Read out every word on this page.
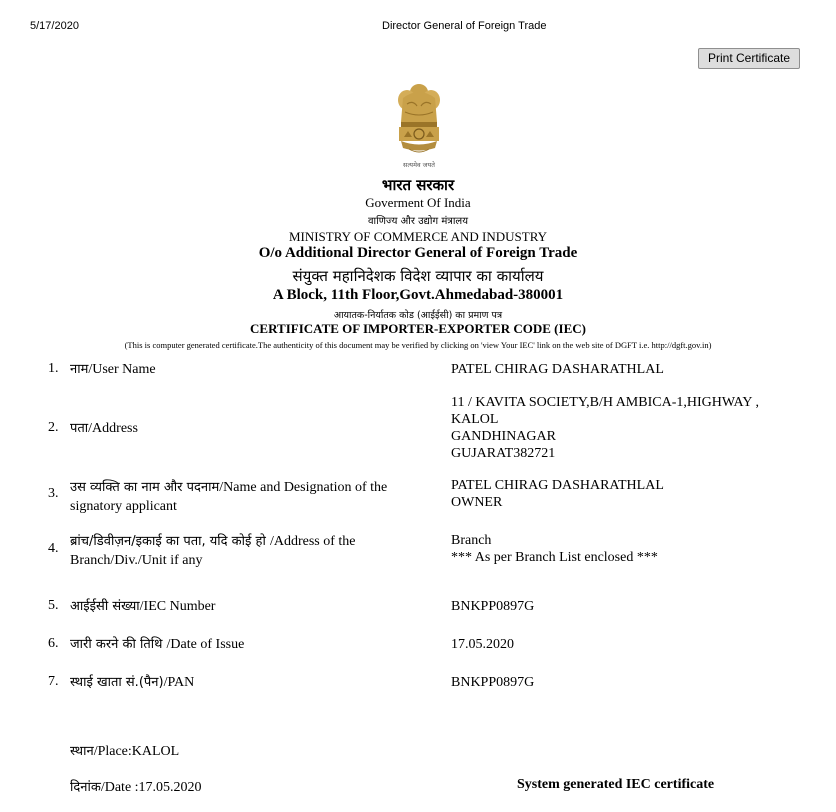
5/17/2020	Director General of Foreign Trade
Print Certificate
सत्यमेव जयते
भारत सरकार
Goverment Of India
वाणिज्य और उद्योग मंत्रालय
MINISTRY OF COMMERCE AND INDUSTRY
O/o Additional Director General of Foreign Trade
संयुक्त महानिदेशक विदेश व्यापार का कार्यालय
A Block, 11th Floor,Govt.Ahmedabad-380001
आयातक-निर्यातक कोड (आईईसी) का प्रमाण पत्र
CERTIFICATE OF IMPORTER-EXPORTER CODE (IEC)
(This is computer generated certificate.The authenticity of this document may be verified by clicking on 'view Your IEC' link on the web site of DGFT i.e. http://dgft.gov.in)
1. नाम/User Name	PATEL CHIRAG DASHARATHLAL
2. पता/Address
11 / KAVITA SOCIETY,B/H AMBICA-1,HIGHWAY ,
KALOL
GANDHINAGAR
GUJARAT382721
3. उस व्यक्ति का नाम और पदनाम/Name and Designation of the signatory applicant
PATEL CHIRAG DASHARATHLAL
OWNER
4. ब्रांच/डिवीज़न/इकाई का पता, यदि कोई हो /Address of the Branch/Div./Unit if any
Branch
*** As per Branch List enclosed ***
5. आईईसी संख्या/IEC Number	BNKPP0897G
6. जारी करने की तिथि /Date of Issue	17.05.2020
7. स्थाई खाता सं.(पैन)/PAN	BNKPP0897G
स्थान/Place:KALOL
दिनांक/Date :17.05.2020	System generated IEC certificate
